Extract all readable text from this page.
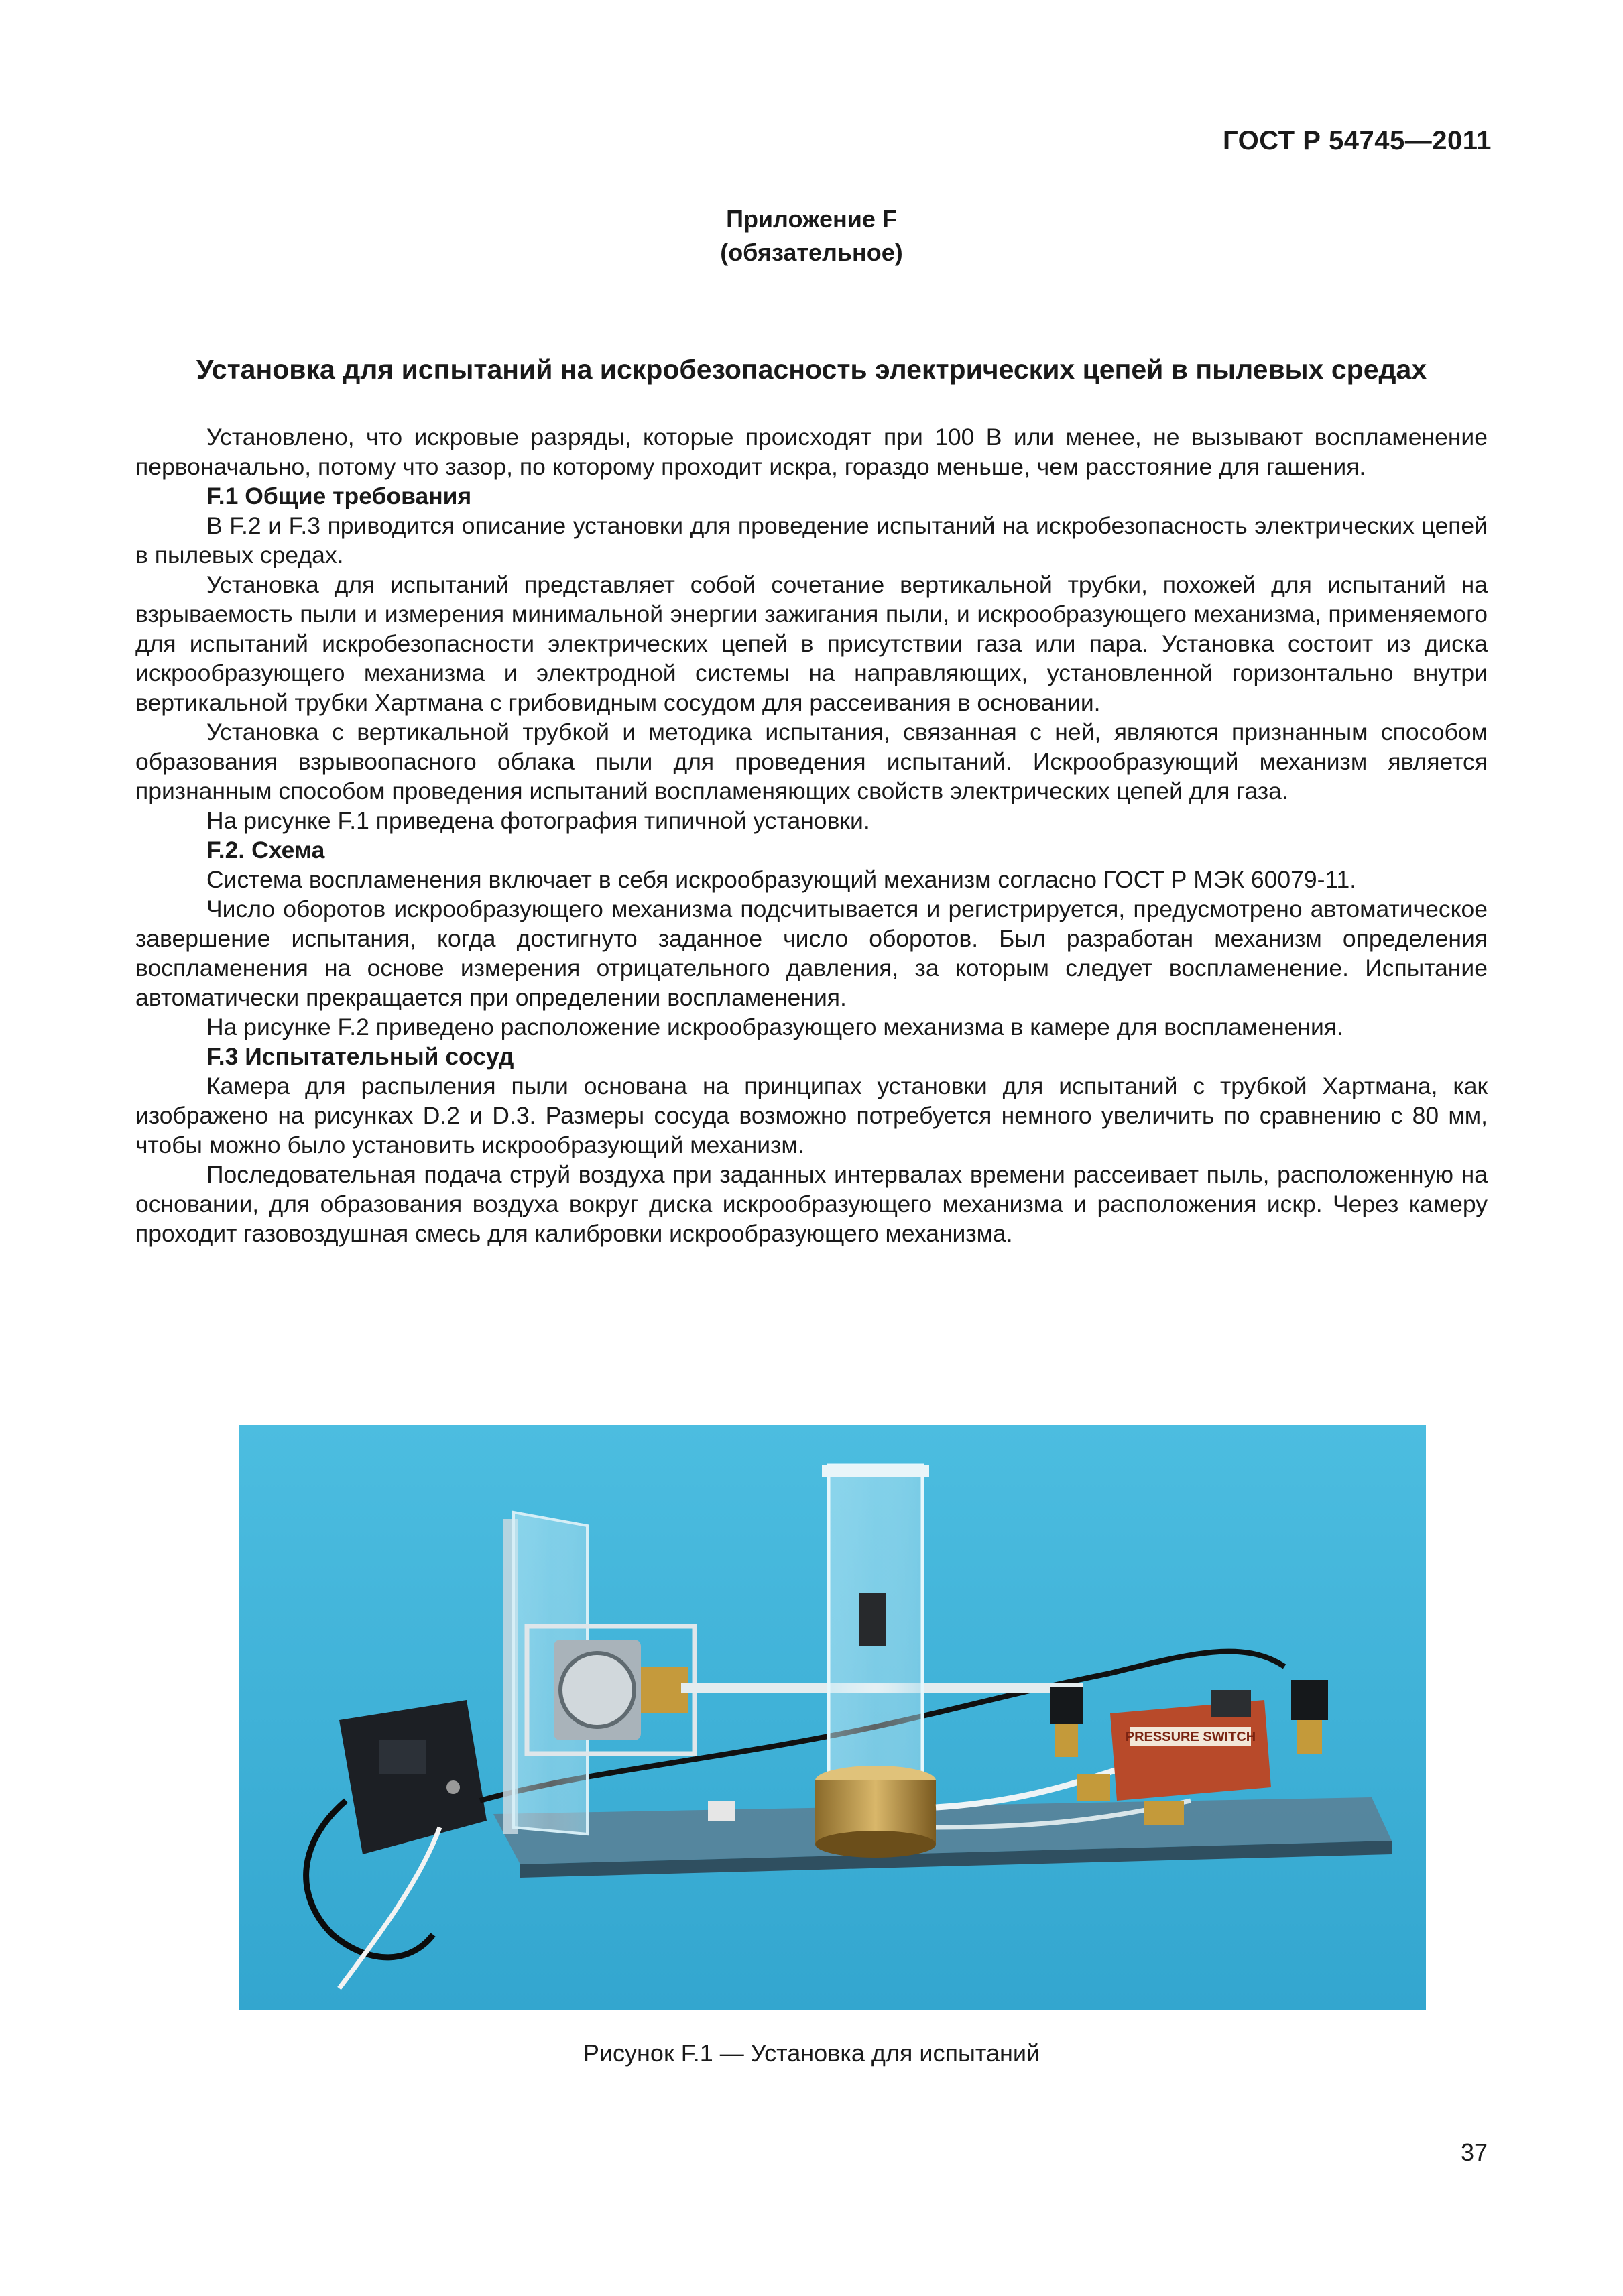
ГОСТ Р 54745—2011
Приложение F
(обязательное)
Установка для испытаний на искробезопасность электрических цепей в пылевых средах

Установлено, что искровые разряды, которые происходят при 100 В или менее, не вызывают воспламенение первоначально, потому что зазор, по которому проходит искра, гораздо меньше, чем расстояние для гашения.

F.1 Общие требования

В F.2 и F.3 приводится описание установки для проведение испытаний на искробезопасность электрических цепей в пылевых средах.

Установка для испытаний представляет собой сочетание вертикальной трубки, похожей для испытаний на взрываемость пыли и измерения минимальной энергии зажигания пыли, и искрообразующего механизма, применяемого для испытаний искробезопасности электрических цепей в присутствии газа или пара. Установка состоит из диска искрообразующего механизма и электродной системы на направляющих, установленной горизонтально внутри вертикальной трубки Хартмана с грибовидным сосудом для рассеивания в основании.

Установка с вертикальной трубкой и методика испытания, связанная с ней, являются признанным способом образования взрывоопасного облака пыли для проведения испытаний. Искрообразующий механизм является признанным способом проведения испытаний воспламеняющих свойств электрических цепей для газа.

На рисунке F.1 приведена фотография типичной установки.

F.2. Схема

Система воспламенения включает в себя искрообразующий механизм согласно ГОСТ Р МЭК 60079-11.

Число оборотов искрообразующего механизма подсчитывается и регистрируется, предусмотрено автоматическое завершение испытания, когда достигнуто заданное число оборотов. Был разработан механизм определения воспламенения на основе измерения отрицательного давления, за которым следует воспламенение. Испытание автоматически прекращается при определении воспламенения.

На рисунке F.2 приведено расположение искрообразующего механизма в камере для воспламенения.

F.3 Испытательный сосуд

Камера для распыления пыли основана на принципах установки для испытаний с трубкой Хартмана, как изображено на рисунках D.2 и D.3. Размеры сосуда возможно потребуется немного увеличить по сравнению с 80 мм, чтобы можно было установить искрообразующий механизм.

Последовательная подача струй воздуха при заданных интервалах времени рассеивает пыль, расположенную на основании, для образования воздуха вокруг диска искрообразующего механизма и расположения искр. Через камеру проходит газовоздушная смесь для калибровки искрообразующего механизма.

PRESSURE SWITCH
Рисунок F.1 — Установка для испытаний
37
